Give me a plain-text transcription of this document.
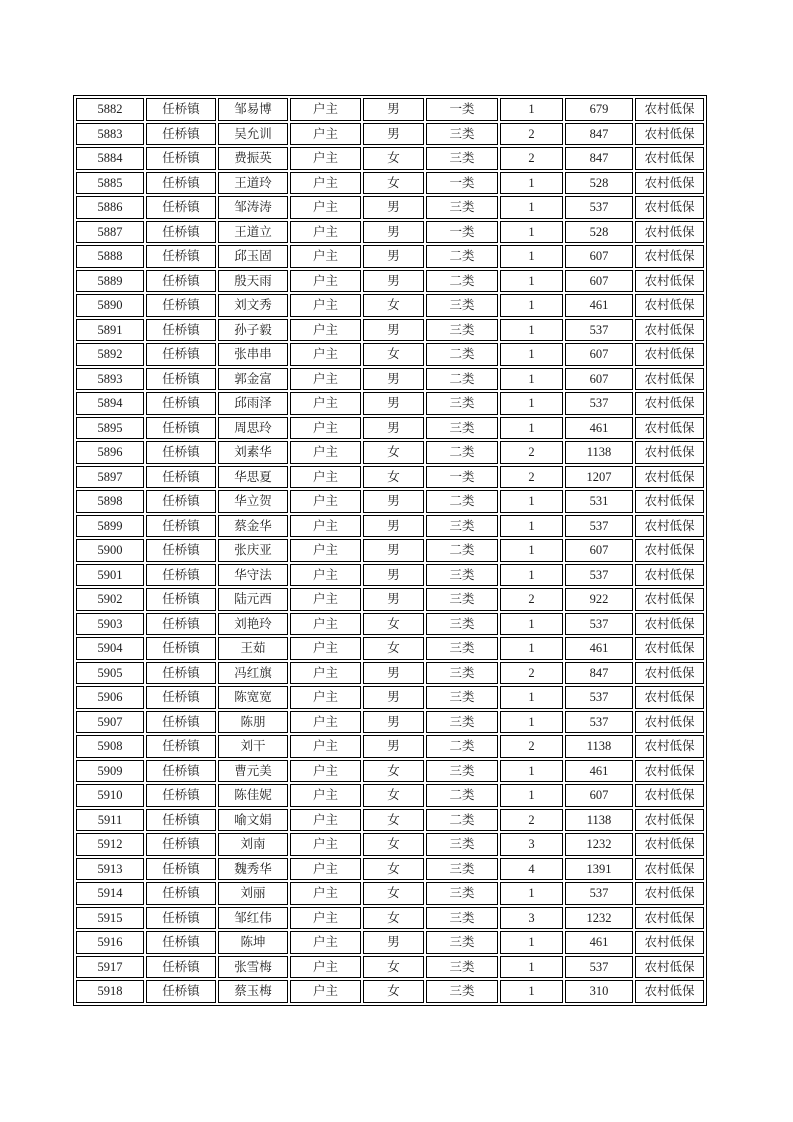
5882	任桥镇	邹易博	户主	男	一类	1	679	农村低保
5883	任桥镇	吴允训	户主	男	三类	2	847	农村低保
5884	任桥镇	费振英	户主	女	三类	2	847	农村低保
5885	任桥镇	王道玲	户主	女	一类	1	528	农村低保
5886	任桥镇	邹涛涛	户主	男	三类	1	537	农村低保
5887	任桥镇	王道立	户主	男	一类	1	528	农村低保
5888	任桥镇	邱玉固	户主	男	二类	1	607	农村低保
5889	任桥镇	殷天雨	户主	男	二类	1	607	农村低保
5890	任桥镇	刘文秀	户主	女	三类	1	461	农村低保
5891	任桥镇	孙子毅	户主	男	三类	1	537	农村低保
5892	任桥镇	张串串	户主	女	二类	1	607	农村低保
5893	任桥镇	郭金富	户主	男	二类	1	607	农村低保
5894	任桥镇	邱雨泽	户主	男	三类	1	537	农村低保
5895	任桥镇	周思玲	户主	男	三类	1	461	农村低保
5896	任桥镇	刘素华	户主	女	二类	2	1138	农村低保
5897	任桥镇	华思夏	户主	女	一类	2	1207	农村低保
5898	任桥镇	华立贺	户主	男	二类	1	531	农村低保
5899	任桥镇	蔡金华	户主	男	三类	1	537	农村低保
5900	任桥镇	张庆亚	户主	男	二类	1	607	农村低保
5901	任桥镇	华守法	户主	男	三类	1	537	农村低保
5902	任桥镇	陆元西	户主	男	三类	2	922	农村低保
5903	任桥镇	刘艳玲	户主	女	三类	1	537	农村低保
5904	任桥镇	王茹	户主	女	三类	1	461	农村低保
5905	任桥镇	冯红旗	户主	男	三类	2	847	农村低保
5906	任桥镇	陈宽宽	户主	男	三类	1	537	农村低保
5907	任桥镇	陈朋	户主	男	三类	1	537	农村低保
5908	任桥镇	刘干	户主	男	二类	2	1138	农村低保
5909	任桥镇	曹元美	户主	女	三类	1	461	农村低保
5910	任桥镇	陈佳妮	户主	女	二类	1	607	农村低保
5911	任桥镇	喻文娟	户主	女	二类	2	1138	农村低保
5912	任桥镇	刘南	户主	女	三类	3	1232	农村低保
5913	任桥镇	魏秀华	户主	女	三类	4	1391	农村低保
5914	任桥镇	刘丽	户主	女	三类	1	537	农村低保
5915	任桥镇	邹红伟	户主	女	三类	3	1232	农村低保
5916	任桥镇	陈坤	户主	男	三类	1	461	农村低保
5917	任桥镇	张雪梅	户主	女	三类	1	537	农村低保
5918	任桥镇	蔡玉梅	户主	女	三类	1	310	农村低保
